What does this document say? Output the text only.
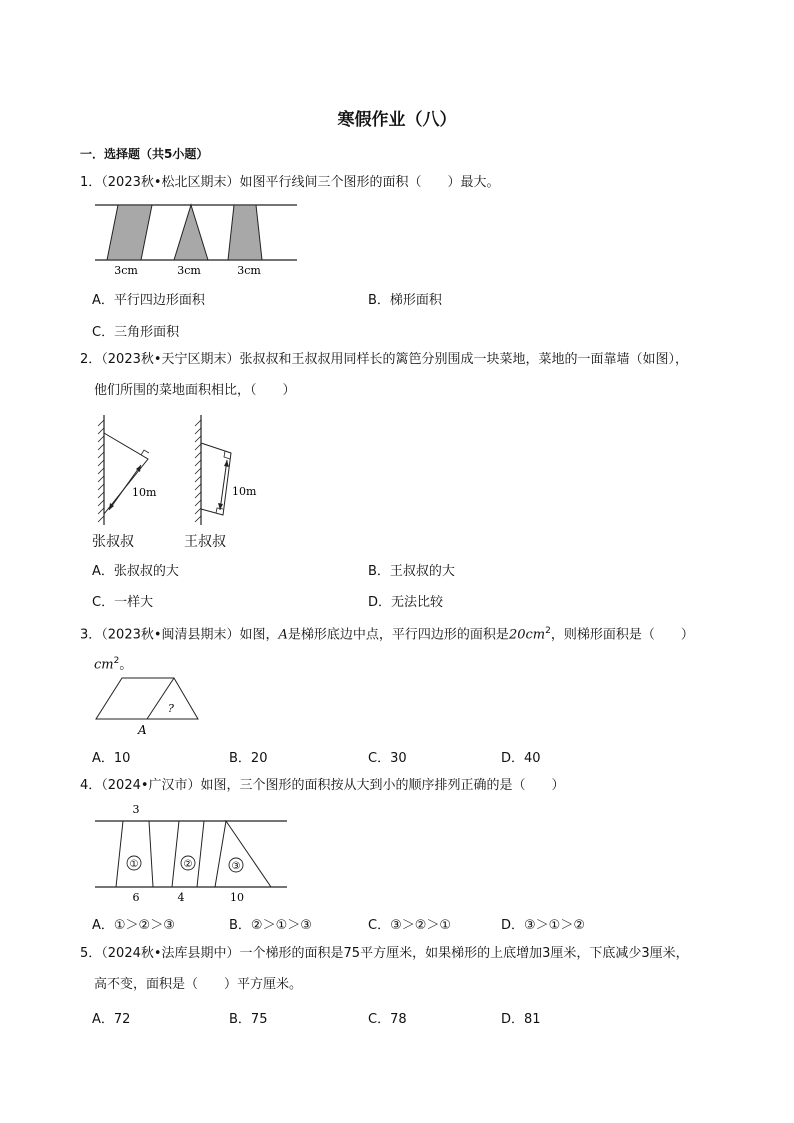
寒假作业（八）
一．选择题（共5小题）
1．（2023秋•松北区期末）如图平行线间三个图形的面积（　　）最大。
3cm	3cm	3cm
A．平行四边形面积	B．梯形面积
C．三角形面积
2．（2023秋•天宁区期末）张叔叔和王叔叔用同样长的篱笆分别围成一块菜地，菜地的一面靠墙（如图），
他们所围的菜地面积相比，（　　）
10m	10m
张叔叔	王叔叔
A．张叔叔的大	B．王叔叔的大
C．一样大	D．无法比较
3．（2023秋•闽清县期末）如图，A是梯形底边中点，平行四边形的面积是$20cm^2$，则梯形面积是（　　）
$cm^2$。
?
A
A．10	B．20	C．30	D．40
4．（2024•广汉市）如图，三个图形的面积按从大到小的顺序排列正确的是（　　）
3
①	②	③
6	4	10
A．①＞②＞③	B．②＞①＞③	C．③＞②＞①	D．③＞①＞②
5．（2024秋•法库县期中）一个梯形的面积是75平方厘米，如果梯形的上底增加3厘米，下底减少3厘米，
高不变，面积是（　　）平方厘米。
A．72	B．75	C．78	D．81
